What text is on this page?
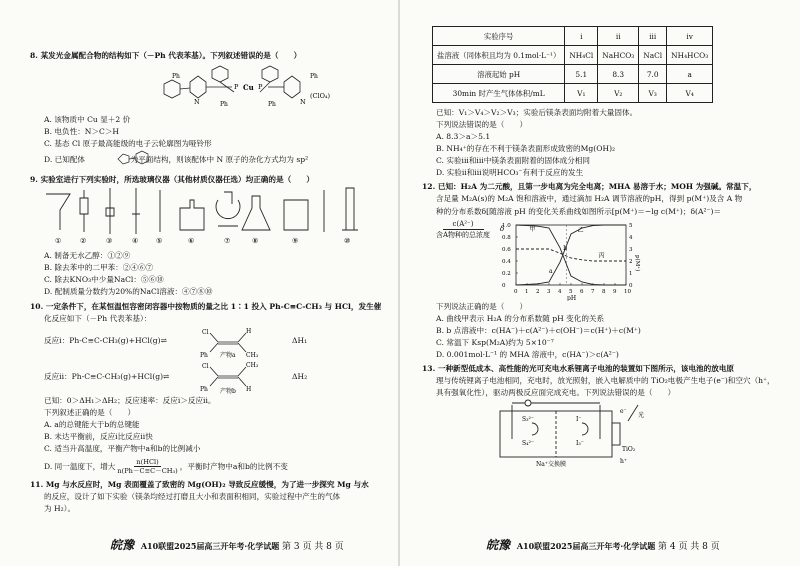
8. 某发光金属配合物的结构如下（－Ph 代表苯基）。下列叙述错误的是（　　）

Ph	Ph
Ph	Ph
P	P
Cu
N	N
(ClO₄)

A. 该物质中 Cu 显＋2 价

B. 电负性：N＞C＞H

C. 基态 Cl 原子最高能级的电子云轮廓图为哑铃形

D. 已知配体　　　　　　为平面结构，则该配体中 N 原子的杂化方式均为 sp²

9. 实验室进行下列实验时，所选玻璃仪器（其他材质仪器任选）均正确的是（　　）

①	②	③	④	⑤	⑥	⑦	⑧	⑨	⑩

A. 制备无水乙醇：①②⑨

B. 除去苯中的二甲苯：②④⑥⑦

C. 除去KNO₃中少量NaCl：⑤⑥⑩

D. 配制质量分数约为20%的NaCl溶液：④⑦⑧⑩

10. 一定条件下，在某恒温恒容密闭容器中按物质的量之比 1∶1 投入 Ph-C≡C-CH₃ 与 HCl，发生催

化反应如下（－Ph 代表苯基）：

反应i：Ph-C≡C-CH₃(g)+HCl(g)⇌
Cl
Ph
H
CH₃
产物a
ΔH₁
反应ii：Ph-C≡C-CH₃(g)+HCl(g)⇌
Cl
Ph
CH₃
H
产物b
ΔH₂

已知：0＞ΔH₁＞ΔH₂；反应速率：反应i＞反应ii。

下列叙述正确的是（　　）

A. a的总键能大于b的总键能

B. 未达平衡前，反应i比反应ii快

C. 适当升高温度，平衡产物中a和b的比例减小

D. 同一温度下，增大	n(HCl)
n(Ph－C≡C－CH₃) ，平衡时产物中a和b的比例不变

11. Mg 与水反应时，Mg 表面覆盖了致密的 Mg(OH)₂ 导致反应缓慢，为了进一步探究 Mg 与水

的反应，设计了如下实验（镁条均经过打磨且大小和表面积相同，实验过程中产生的气体

为 H₂）。

皖豫 A10联盟2025届高三开年考·化学试题 第 3 页 共 8 页
实验序号	i	ii	iii	iv
盐溶液（同体积且均为 0.1mol·L⁻¹）	NH₄Cl	NaHCO₃	NaCl	NH₄HCO₃
溶液起始 pH	5.1	8.3	7.0	a
30min 时产生气体体积/mL	V₁	V₂	V₃	V₄

已知：V₁＞V₄＞V₂＞V₃；实验后镁条表面均附着大量固体。

下列说法错误的是（　　）

A. 8.3＞a＞5.1

B. NH₄⁺的存在不利于镁条表面形成致密的Mg(OH)₂

C. 实验iii和iii中镁条表面附着的固体成分相同

D. 实验ii和iii说明HCO₃⁻有利于反应的发生

12. 已知：H₂A 为二元酸，且第一步电离为完全电离；MHA 易溶于水；MOH 为强碱。常温下，

含足量 M₂A(s)的 M₂A 饱和溶液中，通过滴加 H₂A 调节溶液的pH，得到 p(M⁺)及含 A 物

种的分布系数δ[随溶液 pH 的变化关系曲线如图所示[p(M⁺)＝−lg c(M⁺)；δ(A²⁻)＝

c(A²⁻)
含A物种的总浓度
0 1 2 3 4 5 6 7 8 9 10
0
0.2
0.4
0.6
0.8
1.0
0
1
2
3
4
5
pH
δ
p(M⁺)
甲	乙
丙
a
b

下列说法正确的是（　　）

A. 曲线甲表示 H₂A 的分布系数随 pH 变化的关系

B. b 点溶液中：c(HA⁻)＋c(A²⁻)＋c(OH⁻)＝c(H⁺)＋c(M⁺)

C. 常温下 Ksp(M₂A)约为 5×10⁻⁷

D. 0.001mol·L⁻¹ 的 MHA 溶液中，c(HA⁻)＞c(A²⁻)

13. 一种新型低成本、高性能的光可充电水系锂离子电池的装置如下图所示，该电池的放电原

理与传统锂离子电池相同，充电时，放光照射，嵌入电解质中的 TiO₂电极产生电子(e⁻)和空穴（h⁺，

具有强氧化性），驱动两极反应面完成充电。下列说法错误的是（　　）

S₃²⁻
S₄²⁻
I⁻
I₃⁻
TiO₂
光
e⁻
h⁺
Na⁺交换膜
皖豫 A10联盟2025届高三开年考·化学试题 第 4 页 共 8 页
